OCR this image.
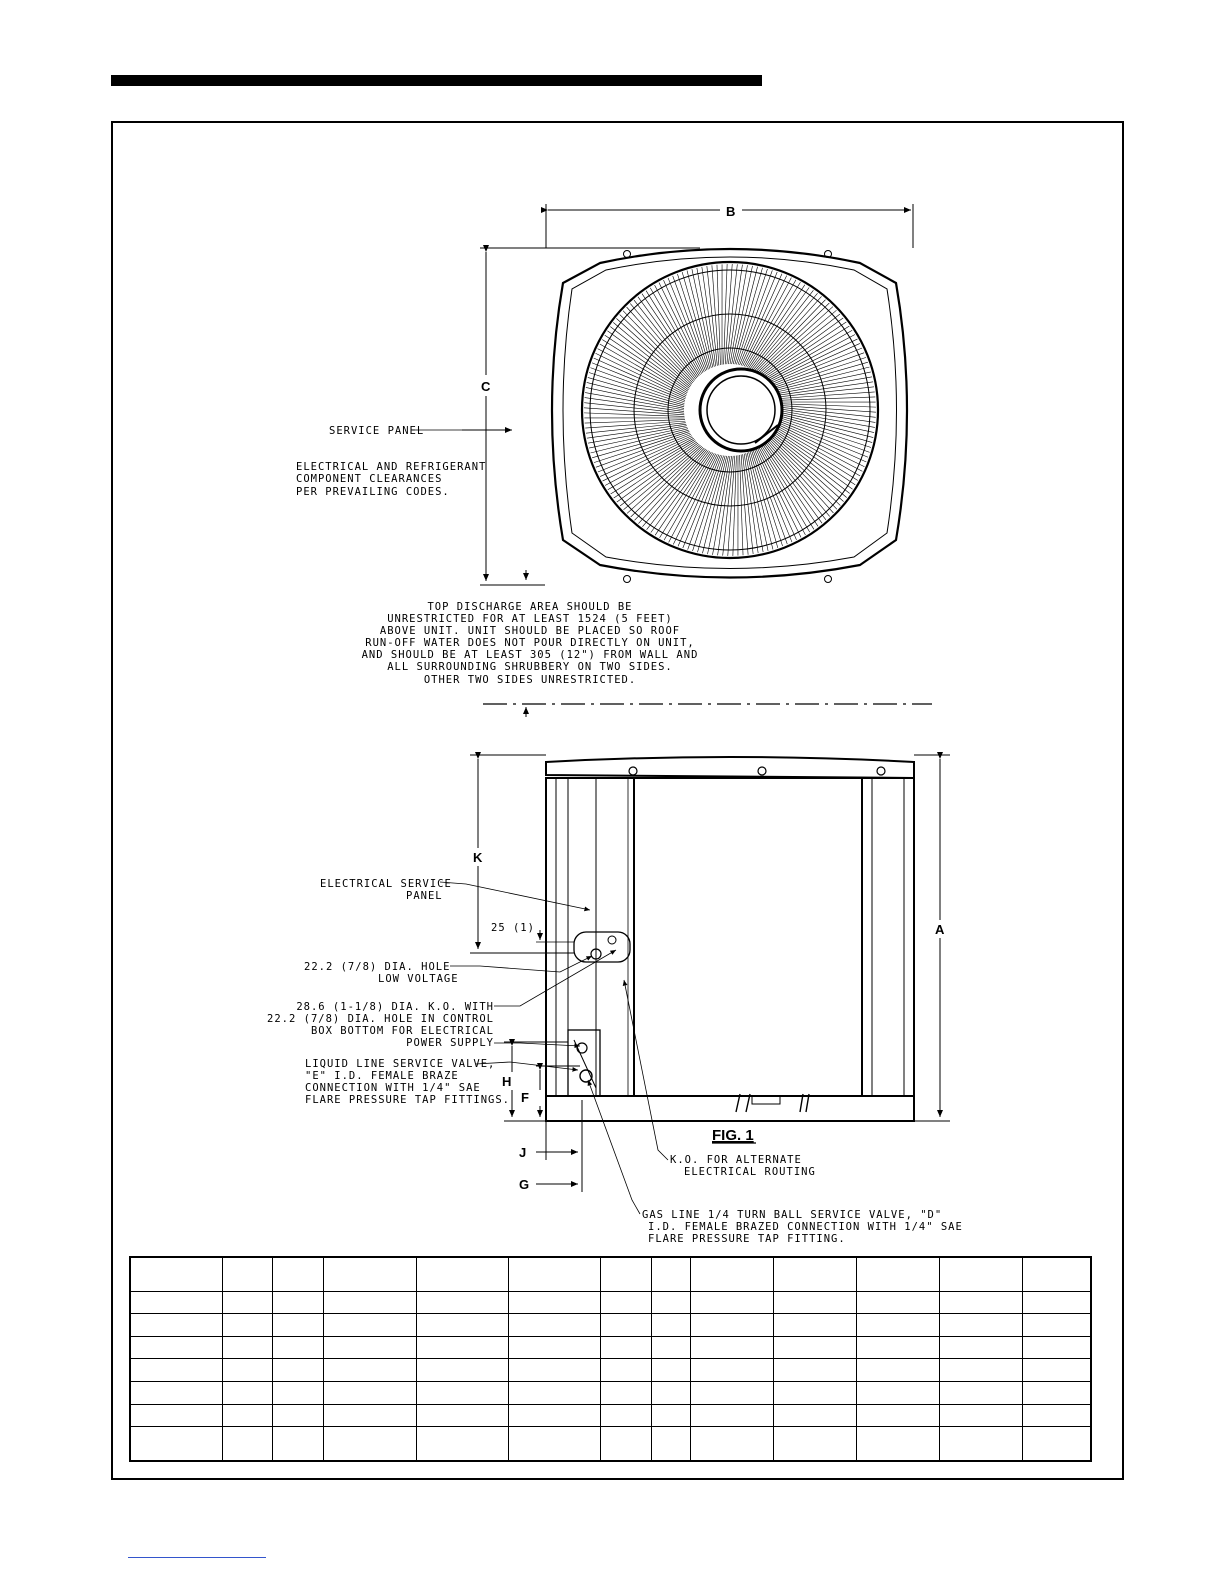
B
C
SERVICE PANEL
ELECTRICAL AND REFRIGERANT
COMPONENT CLEARANCES
PER PREVAILING CODES.
TOP DISCHARGE AREA SHOULD BE
UNRESTRICTED FOR AT LEAST 1524 (5 FEET)
ABOVE UNIT. UNIT SHOULD BE PLACED SO ROOF
RUN-OFF WATER DOES NOT POUR DIRECTLY ON UNIT,
AND SHOULD BE AT LEAST 305 (12") FROM WALL AND
ALL SURROUNDING SHRUBBERY ON TWO SIDES.
OTHER TWO SIDES UNRESTRICTED.
K
A
H
F
J
G
FIG. 1
25 (1)
ELECTRICAL SERVICE
PANEL
22.2 (7/8) DIA. HOLE
LOW VOLTAGE
28.6 (1-1/8) DIA. K.O. WITH
22.2 (7/8) DIA. HOLE IN CONTROL
BOX BOTTOM FOR ELECTRICAL
POWER SUPPLY
LIQUID LINE SERVICE VALVE,
"E" I.D. FEMALE BRAZE
CONNECTION WITH 1/4" SAE
FLARE PRESSURE TAP FITTINGS.
K.O. FOR ALTERNATE
ELECTRICAL ROUTING
GAS LINE 1/4 TURN BALL SERVICE VALVE, "D"
I.D. FEMALE BRAZED CONNECTION WITH 1/4" SAE
FLARE PRESSURE TAP FITTING.
